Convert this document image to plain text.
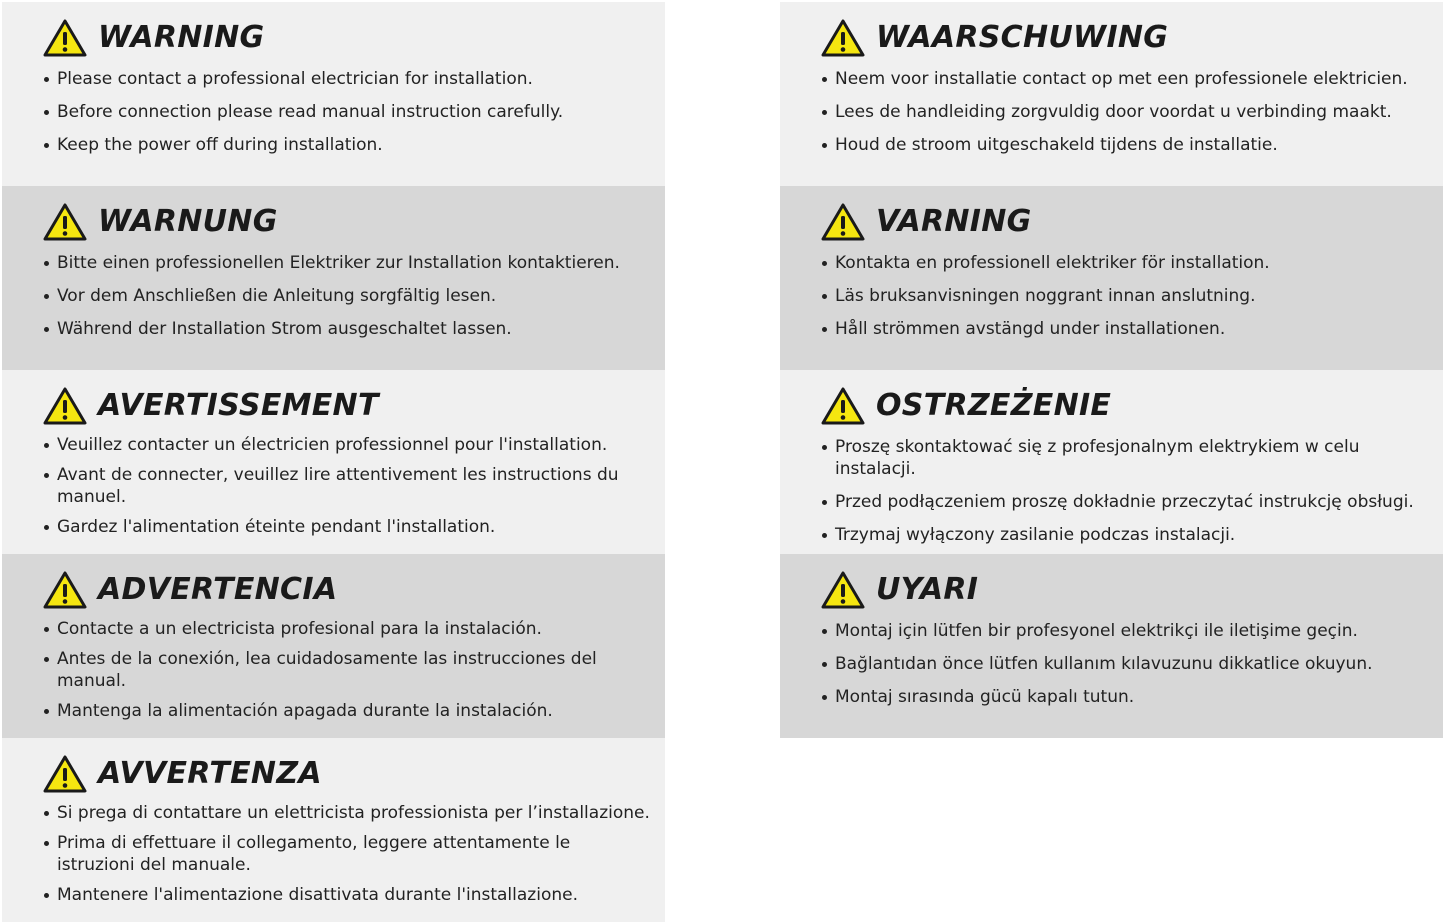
WARNING
Please contact a professional electrician for installation.
Before connection please read manual instruction carefully.
Keep the power off during installation.
WARNUNG
Bitte einen professionellen Elektriker zur Installation kontaktieren.
Vor dem Anschließen die Anleitung sorgfältig lesen.
Während der Installation Strom ausgeschaltet lassen.
AVERTISSEMENT
Veuillez contacter un électricien professionnel pour l'installation.
Avant de connecter, veuillez lire attentivement les instructions du manuel.
Gardez l'alimentation éteinte pendant l'installation.
ADVERTENCIA
Contacte a un electricista profesional para la instalación.
Antes de la conexión, lea cuidadosamente las instrucciones del manual.
Mantenga la alimentación apagada durante la instalación.
AVVERTENZA
Si prega di contattare un elettricista professionista per l’installazione.
Prima di effettuare il collegamento, leggere attentamente le istruzioni del manuale.
Mantenere l'alimentazione disattivata durante l'installazione.
WAARSCHUWING
Neem voor installatie contact op met een professionele elektricien.
Lees de handleiding zorgvuldig door voordat u verbinding maakt.
Houd de stroom uitgeschakeld tijdens de installatie.
VARNING
Kontakta en professionell elektriker för installation.
Läs bruksanvisningen noggrant innan anslutning.
Håll strömmen avstängd under installationen.
OSTRZEŻENIE
Proszę skontaktować się z profesjonalnym elektrykiem w celu instalacji.
Przed podłączeniem proszę dokładnie przeczytać instrukcję obsługi.
Trzymaj wyłączony zasilanie podczas instalacji.
UYARI
Montaj için lütfen bir profesyonel elektrikçi ile iletişime geçin.
Bağlantıdan önce lütfen kullanım kılavuzunu dikkatlice okuyun.
Montaj sırasında gücü kapalı tutun.
